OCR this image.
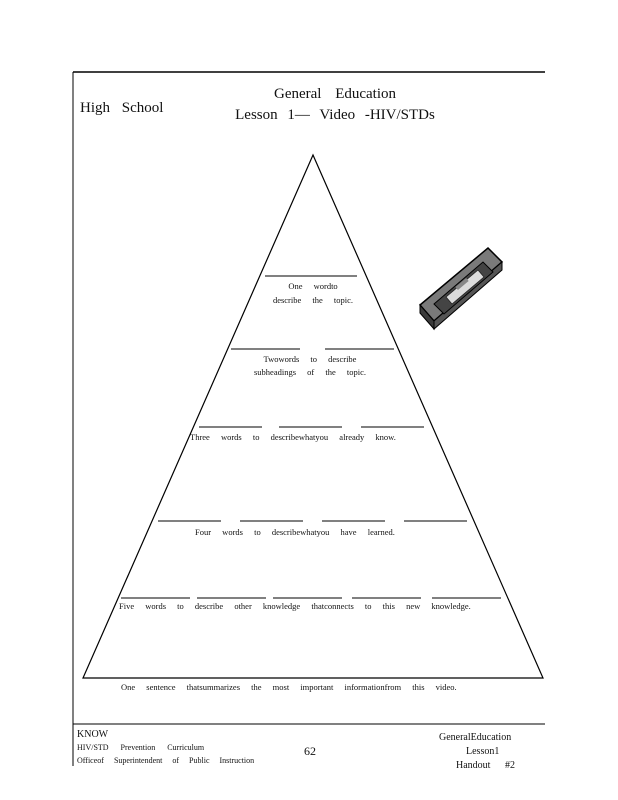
High School
General Education
Lesson 1— Video -HIV/STDs
One wordto
describe the topic.
Twowords to describe
subheadings of the topic.
Three words to describewhatyou already know.
Four words to describewhatyou have learned.
Five words to describe other knowledge thatconnects to this new knowledge.
One sentence thatsummarizes the most important informationfrom this video.
KNOW
HIV/STD Prevention Curriculum
Officeof Superintendent of Public Instruction
62
GeneralEducation
Lesson1
Handout #2
